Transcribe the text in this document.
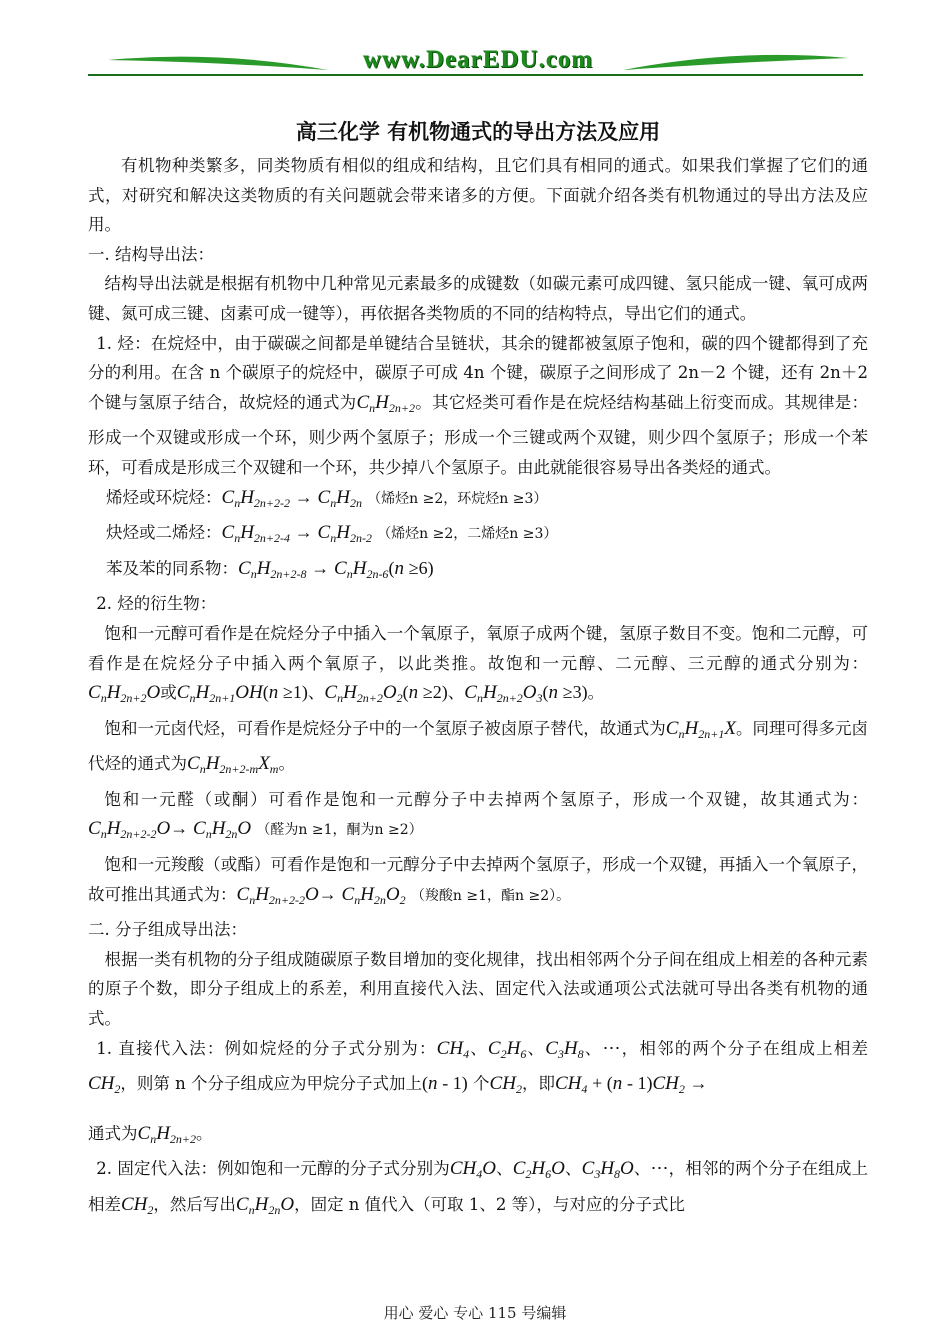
www.DearEDU.com
高三化学 有机物通式的导出方法及应用

有机物种类繁多，同类物质有相似的组成和结构，且它们具有相同的通式。如果我们掌握了它们的通式，对研究和解决这类物质的有关问题就会带来诸多的方便。下面就介绍各类有机物通过的导出方法及应用。

一. 结构导出法：

结构导出法就是根据有机物中几种常见元素最多的成键数（如碳元素可成四键、氢只能成一键、氧可成两键、氮可成三键、卤素可成一键等），再依据各类物质的不同的结构特点，导出它们的通式。

1. 烃：在烷烃中，由于碳碳之间都是单键结合呈链状，其余的键都被氢原子饱和，碳的四个键都得到了充分的利用。在含 n 个碳原子的烷烃中，碳原子可成 4n 个键，碳原子之间形成了 2n－2 个键，还有 2n＋2 个键与氢原子结合，故烷烃的通式为$C_nH_{2n+2}$。其它烃类可看作是在烷烃结构基础上衍变而成。其规律是：形成一个双键或形成一个环，则少两个氢原子；形成一个三键或两个双键，则少四个氢原子；形成一个苯环，可看成是形成三个双键和一个环，共少掉八个氢原子。由此就能很容易导出各类烃的通式。

烯烃或环烷烃：$C_nH_{2n+2-2} \to C_nH_{2n}$ （烯烃n ≥2，环烷烃n ≥3）

炔烃或二烯烃：$C_nH_{2n+2-4} \to C_nH_{2n-2}$ （烯烃n ≥2，二烯烃n ≥3）

苯及苯的同系物：$C_nH_{2n+2-8} \to C_nH_{2n-6}(n \ge 6)$

2. 烃的衍生物：

饱和一元醇可看作是在烷烃分子中插入一个氧原子，氧原子成两个键，氢原子数目不变。饱和二元醇，可看作是在烷烃分子中插入两个氧原子，以此类推。故饱和一元醇、二元醇、三元醇的通式分别为：$C_nH_{2n+2}O$或$C_nH_{2n+1}OH(n \ge 1)$、$C_nH_{2n+2}O_2(n \ge 2)$、$C_nH_{2n+2}O_3(n \ge 3)$。

饱和一元卤代烃，可看作是烷烃分子中的一个氢原子被卤原子替代，故通式为$C_nH_{2n+1}X$。同理可得多元卤代烃的通式为$C_nH_{2n+2-m}X_m$。

饱和一元醛（或酮）可看作是饱和一元醇分子中去掉两个氢原子，形成一个双键，故其通式为：$C_nH_{2n+2-2}O\to C_nH_{2n}O$ （醛为n ≥1，酮为n ≥2）

饱和一元羧酸（或酯）可看作是饱和一元醇分子中去掉两个氢原子，形成一个双键，再插入一个氧原子，故可推出其通式为：$C_nH_{2n+2-2}O\to C_nH_{2n}O_2$ （羧酸n ≥1，酯n ≥2）。

二. 分子组成导出法：

根据一类有机物的分子组成随碳原子数目增加的变化规律，找出相邻两个分子间在组成上相差的各种元素的原子个数，即分子组成上的系差，利用直接代入法、固定代入法或通项公式法就可导出各类有机物的通式。

1. 直接代入法：例如烷烃的分子式分别为：$CH_4$、$C_2H_6$、$C_3H_8$、⋯，相邻的两个分子在组成上相差$CH_2$，则第 n 个分子组成应为甲烷分子式加上(n - 1) 个$CH_2$，即$CH_4 + (n - 1)CH_2$ →

通式为$C_nH_{2n+2}$。

2. 固定代入法：例如饱和一元醇的分子式分别为$CH_4O$、$C_2H_6O$、$C_3H_8O$、⋯，相邻的两个分子在组成上相差$CH_2$，然后写出$C_nH_{2n}O$，固定 n 值代入（可取 1、2 等），与对应的分子式比

用心 爱心 专心 115 号编辑
